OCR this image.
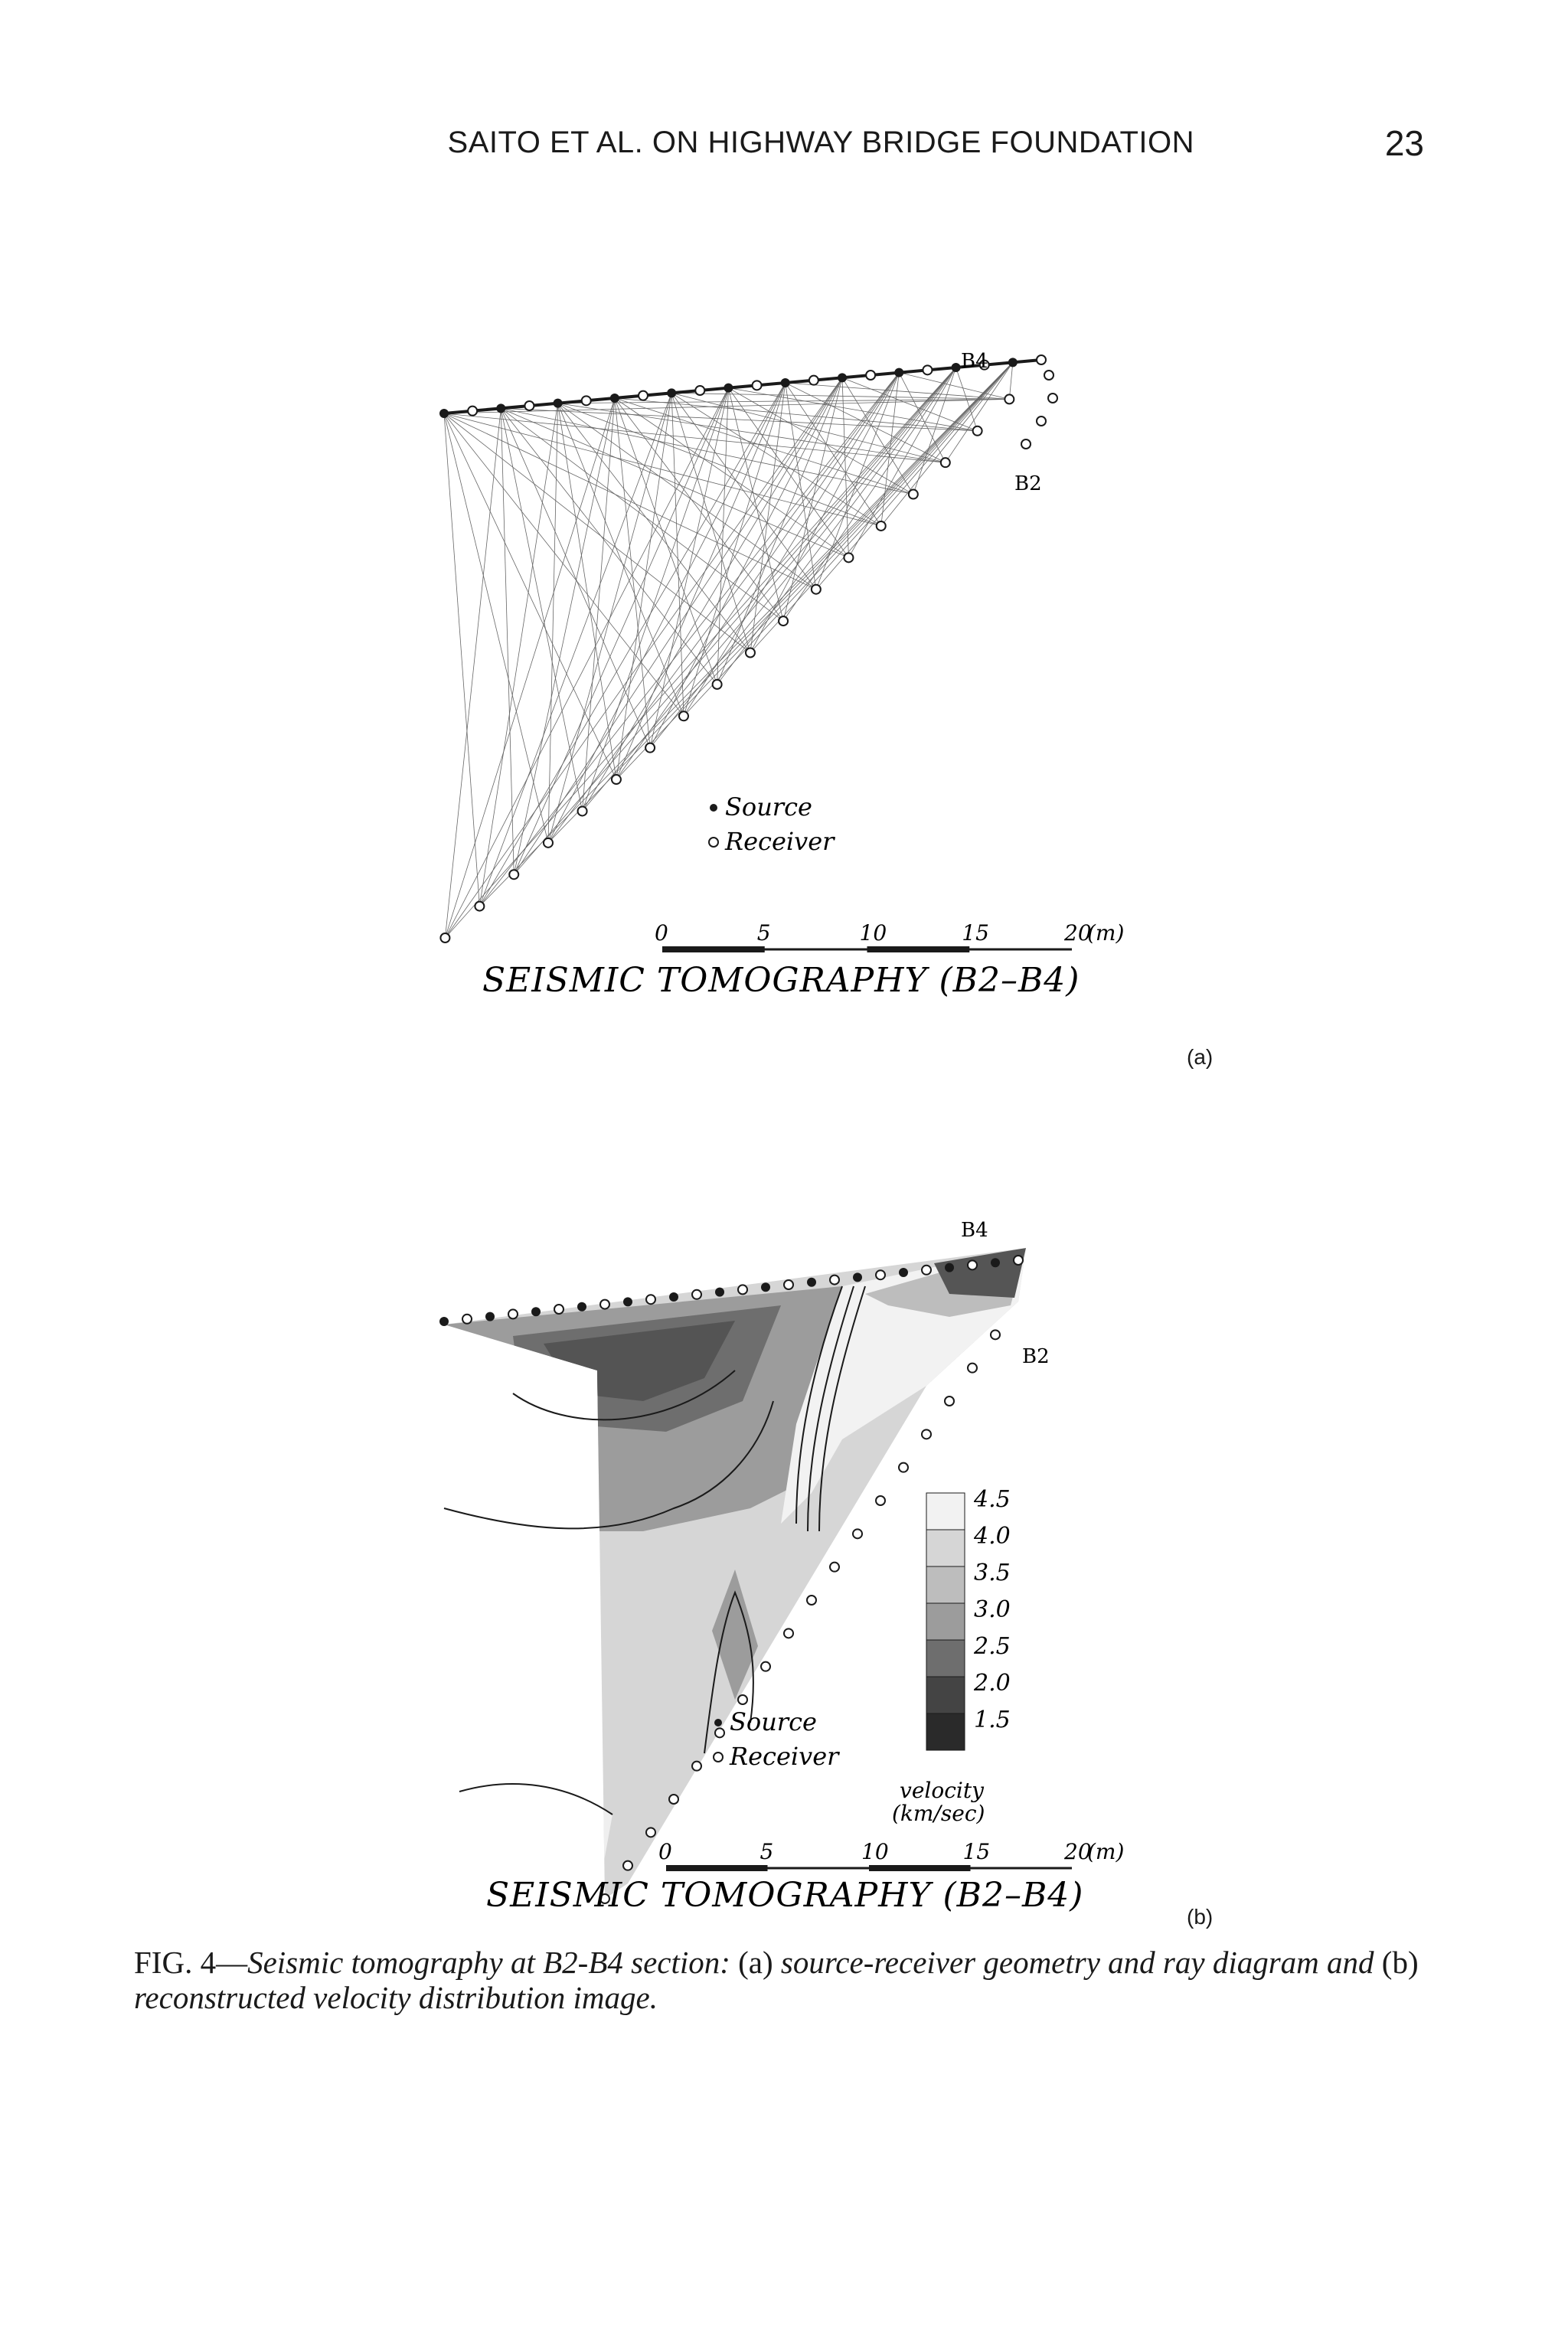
SAITO ET AL. ON HIGHWAY BRIDGE FOUNDATION	23
B4
B2
Source
Receiver
0	5	10	15	20
(m)
SEISMIC TOMOGRAPHY (B2–B4)
(a)
B4
B2
4.5
4.0
3.5
3.0
2.5
2.0
1.5
velocity
(km/sec)
Source
Receiver
0	5	10	15	20
(m)
SEISMIC TOMOGRAPHY (B2–B4)
(b)
FIG. 4—Seismic tomography at B2-B4 section: (a) source-receiver geometry and ray diagram and (b) reconstructed velocity distribution image.
